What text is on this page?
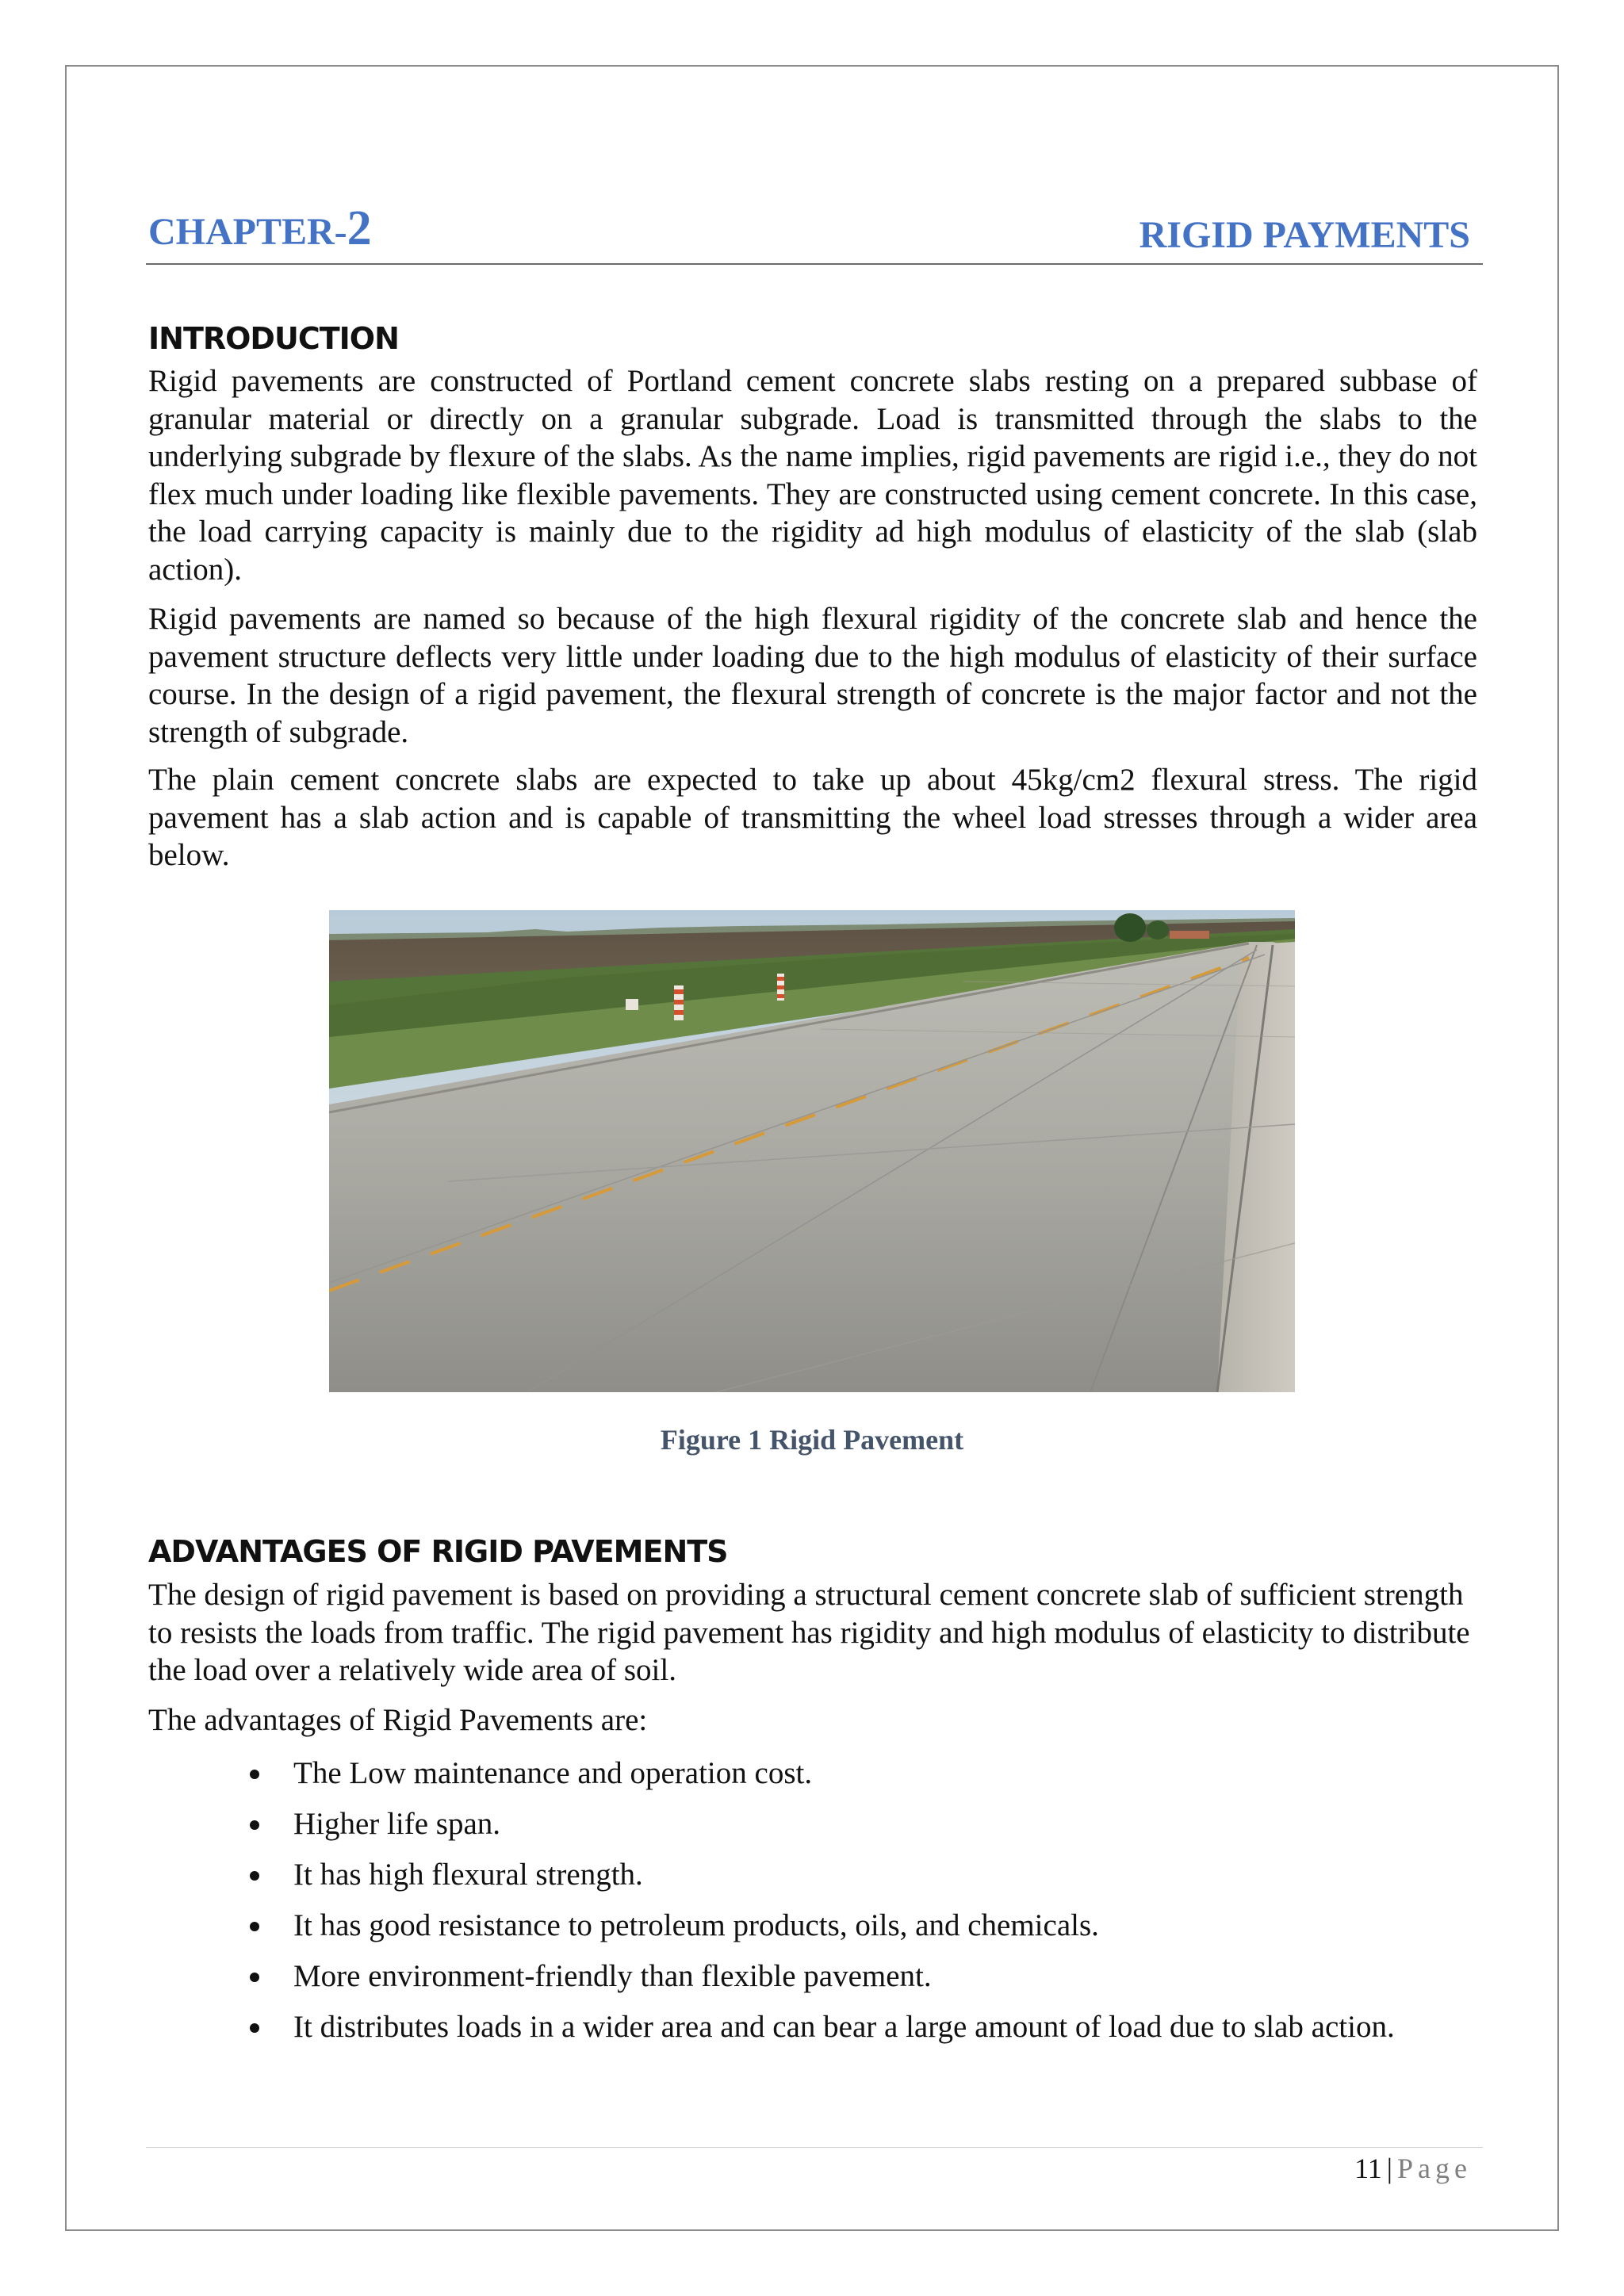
CHAPTER-2	RIGID PAYMENTS
INTRODUCTION

Rigid pavements are constructed of Portland cement concrete slabs resting on a prepared subbase of granular material or directly on a granular subgrade. Load is transmitted through the slabs to the underlying subgrade by flexure of the slabs. As the name implies, rigid pavements are rigid i.e., they do not flex much under loading like flexible pavements. They are constructed using cement concrete. In this case, the load carrying capacity is mainly due to the rigidity ad high modulus of elasticity of the slab (slab action).

Rigid pavements are named so because of the high flexural rigidity of the concrete slab and hence the pavement structure deflects very little under loading due to the high modulus of elasticity of their surface course. In the design of a rigid pavement, the flexural strength of concrete is the major factor and not the strength of subgrade.

The plain cement concrete slabs are expected to take up about 45kg/cm2 flexural stress. The rigid pavement has a slab action and is capable of transmitting the wheel load stresses through a wider area below.

Figure 1 Rigid Pavement
ADVANTAGES OF RIGID PAVEMENTS

The design of rigid pavement is based on providing a structural cement concrete slab of sufficient strength to resists the loads from traffic. The rigid pavement has rigidity and high modulus of elasticity to distribute the load over a relatively wide area of soil.

The advantages of Rigid Pavements are:

The Low maintenance and operation cost.
Higher life span.
It has high flexural strength.
It has good resistance to petroleum products, oils, and chemicals.
More environment-friendly than flexible pavement.
It distributes loads in a wider area and can bear a large amount of load due to slab action.
11 | Page
